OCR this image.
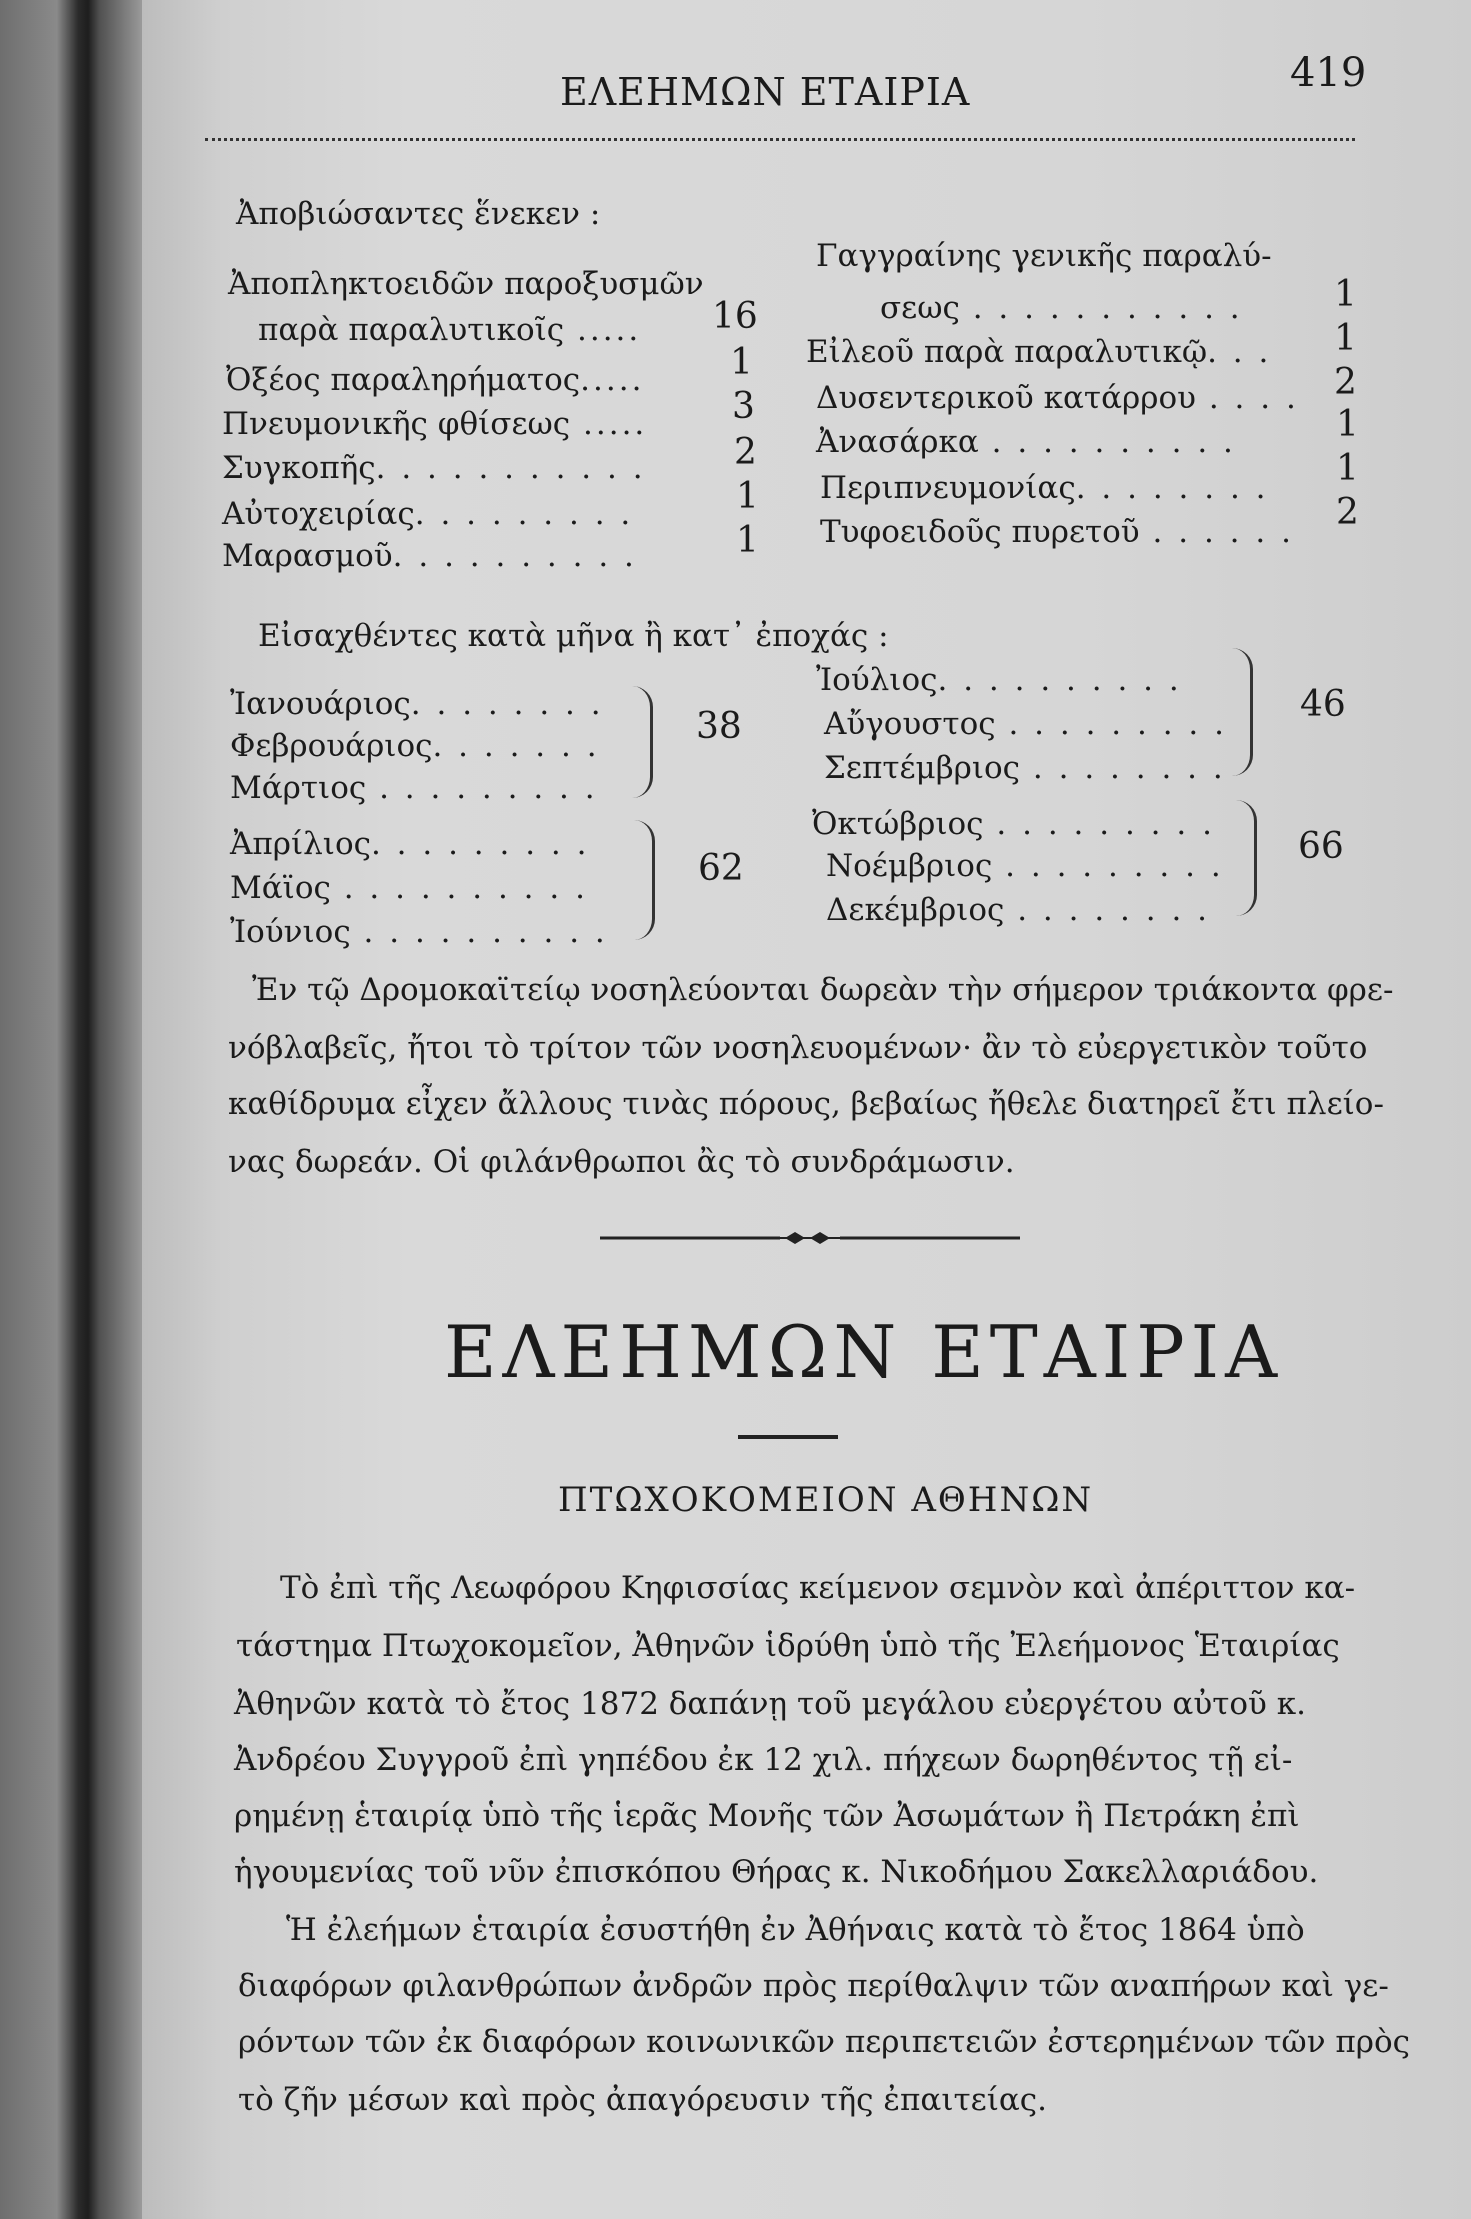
ΕΛΕΗΜΩΝ ΕΤΑΙΡΙΑ	419
Ἀποβιώσαντες ἕνεκεν :
Ἀποπληκτοειδῶν παροξυσμῶν
παρὰ παραλυτικοῖς ..... 16
Ὀξέος παραληρήματος..... 1
Πνευμονικῆς φθίσεως ..... 3
Συγκοπῆς. . . . . . . . . . . 2
Αὐτοχειρίας. . . . . . . . .	1
Μαρασμοῦ. . . . . . . . . .	1
Γαγγραίνης γενικῆς παραλύ-
σεως . . . . . . . . . . .	1
Εἰλεοῦ παρὰ παραλυτικῷ. . . 1
Δυσεντερικοῦ κατάρρου . . . . 2
Ἀνασάρκα . . . . . . . . . .	1
Περιπνευμονίας. . . . . . . . 1
Τυφοειδοῦς πυρετοῦ . . . . . . 2
Εἰσαχθέντες κατὰ μῆνα ἢ κατ᾽ ἐποχάς :
Ἰανουάριος. . . . . . . .
Φεβρουάριος. . . . . . .
Μάρτιος . . . . . . . . .
38
Ἀπρίλιος. . . . . . . . .
Μάϊος . . . . . . . . . .
Ἰούνιος . . . . . . . . . .
62
Ἰούλιος. . . . . . . . . .
Αὔγουστος . . . . . . . . .
Σεπτέμβριος . . . . . . . .
46
Ὀκτώβριος . . . . . . . . .
Νοέμβριος . . . . . . . . .
Δεκέμβριος . . . . . . . .
66
Ἐν τῷ Δρομοκαϊτείῳ νοσηλεύονται δωρεὰν τὴν σήμερον τριάκοντα φρε-
νόβλαβεῖς, ἤτοι τὸ τρίτον τῶν νοσηλευομένων· ἂν τὸ εὐεργετικὸν τοῦτο
καθίδρυμα εἶχεν ἄλλους τινὰς πόρους, βεβαίως ἤθελε διατηρεῖ ἔτι πλείο-
νας δωρεάν. Οἱ φιλάνθρωποι ἂς τὸ συνδράμωσιν.
ΕΛΕΗΜΩΝ ΕΤΑΙΡΙΑ
ΠΤΩΧΟΚΟΜΕΙΟΝ ΑΘΗΝΩΝ
Τὸ ἐπὶ τῆς Λεωφόρου Κηφισσίας κείμενον σεμνὸν καὶ ἀπέριττον κα-
τάστημα Πτωχοκομεῖον, Ἀθηνῶν ἱδρύθη ὑπὸ τῆς Ἐλεήμονος Ἑταιρίας
Ἀθηνῶν κατὰ τὸ ἔτος 1872 δαπάνῃ τοῦ μεγάλου εὐεργέτου αὐτοῦ κ.
Ἀνδρέου Συγγροῦ ἐπὶ γηπέδου ἐκ 12 χιλ. πήχεων δωρηθέντος τῇ εἰ-
ρημένῃ ἑταιρίᾳ ὑπὸ τῆς ἱερᾶς Μονῆς τῶν Ἀσωμάτων ἢ Πετράκη ἐπὶ
ἡγουμενίας τοῦ νῦν ἐπισκόπου Θήρας κ. Νικοδήμου Σακελλαριάδου.
Ἡ ἐλεήμων ἑταιρία ἐσυστήθη ἐν Ἀθήναις κατὰ τὸ ἔτος 1864 ὑπὸ
διαφόρων φιλανθρώπων ἀνδρῶν πρὸς περίθαλψιν τῶν αναπήρων καὶ γε-
ρόντων τῶν ἐκ διαφόρων κοινωνικῶν περιπετειῶν ἐστερημένων τῶν πρὸς
τὸ ζῆν μέσων καὶ πρὸς ἀπαγόρευσιν τῆς ἐπαιτείας.
